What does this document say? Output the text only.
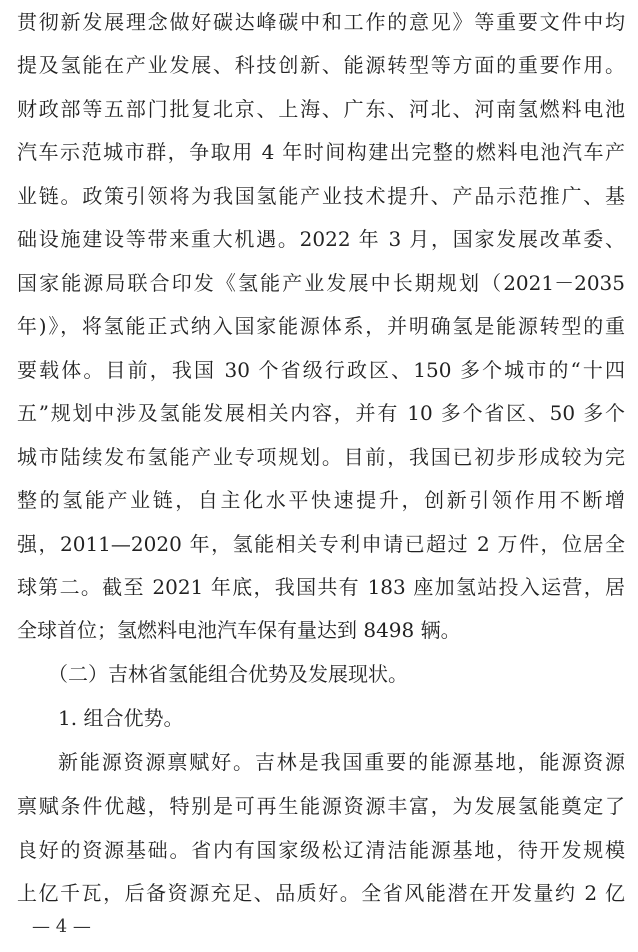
贯彻新发展理念做好碳达峰碳中和工作的意见》等重要文件中均
提及氢能在产业发展、科技创新、能源转型等方面的重要作用。
财政部等五部门批复北京、上海、广东、河北、河南氢燃料电池
汽车示范城市群，争取用 4 年时间构建出完整的燃料电池汽车产
业链。政策引领将为我国氢能产业技术提升、产品示范推广、基
础设施建设等带来重大机遇。2022 年 3 月，国家发展改革委、
国家能源局联合印发《氢能产业发展中长期规划（2021－2035
年)》，将氢能正式纳入国家能源体系，并明确氢是能源转型的重
要载体。目前，我国 30 个省级行政区、150 多个城市的“十四
五”规划中涉及氢能发展相关内容，并有 10 多个省区、50 多个
城市陆续发布氢能产业专项规划。目前，我国已初步形成较为完
整的氢能产业链，自主化水平快速提升，创新引领作用不断增
强，2011—2020 年，氢能相关专利申请已超过 2 万件，位居全
球第二。截至 2021 年底，我国共有 183 座加氢站投入运营，居
全球首位；氢燃料电池汽车保有量达到 8498 辆。
（二）吉林省氢能组合优势及发展现状。
1. 组合优势。
新能源资源禀赋好。吉林是我国重要的能源基地，能源资源
禀赋条件优越，特别是可再生能源资源丰富，为发展氢能奠定了
良好的资源基础。省内有国家级松辽清洁能源基地，待开发规模
上亿千瓦，后备资源充足、品质好。全省风能潜在开发量约 2 亿
— 4 —
